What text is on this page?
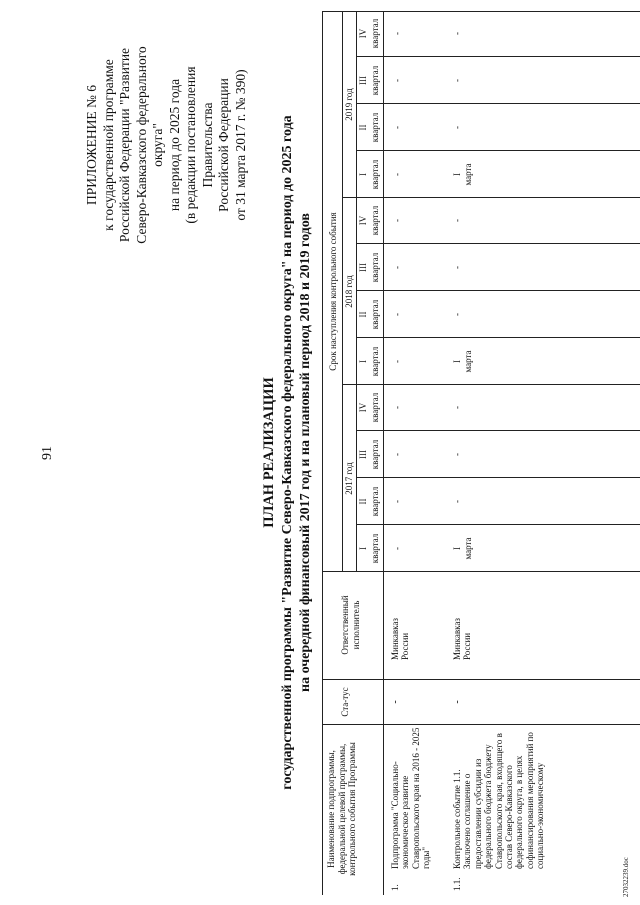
91
ПРИЛОЖЕНИЕ № 6 к государственной программе Российской Федерации "Развитие Северо-Кавказского федерального округа" на период до 2025 года (в редакции постановления Правительства Российской Федерации от 31 марта 2017 г. № 390)
ПЛАН РЕАЛИЗАЦИИ государственной программы "Развитие Северо-Кавказского федерального округа" на период до 2025 года на очередной финансовый 2017 год и на плановый период 2018 и 2019 годов
Наименование подпрограммы, федеральной целевой программы, контрольного события Программы
Ста-тус
Ответственный исполнитель
Срок наступления контрольного события
2017 год
2018 год
2019 год
1.
Подпрограмма "Социально-экономическое развитие Ставропольского края на 2016 - 2025 годы"
-
Минкавказ России
1.1.
Контрольное событие 1.1. Заключено соглашение о предоставлении субсидии из федерального бюджета бюджету Ставропольского края, входящего в состав Северо-Кавказского федерального округа, в целях софинансирования мероприятий по социально-экономическому
-
Минкавказ России
27032239.doc
I квартал
II квартал
III квартал
IV квартал
I квартал
II квартал
III квартал
IV квартал
I квартал
II квартал
III квартал
IV квартал
-
-
-
-
-
-
-
-
-
-
-
-
I марта
-
-
-
I марта
-
-
-
I марта
-
-
-
